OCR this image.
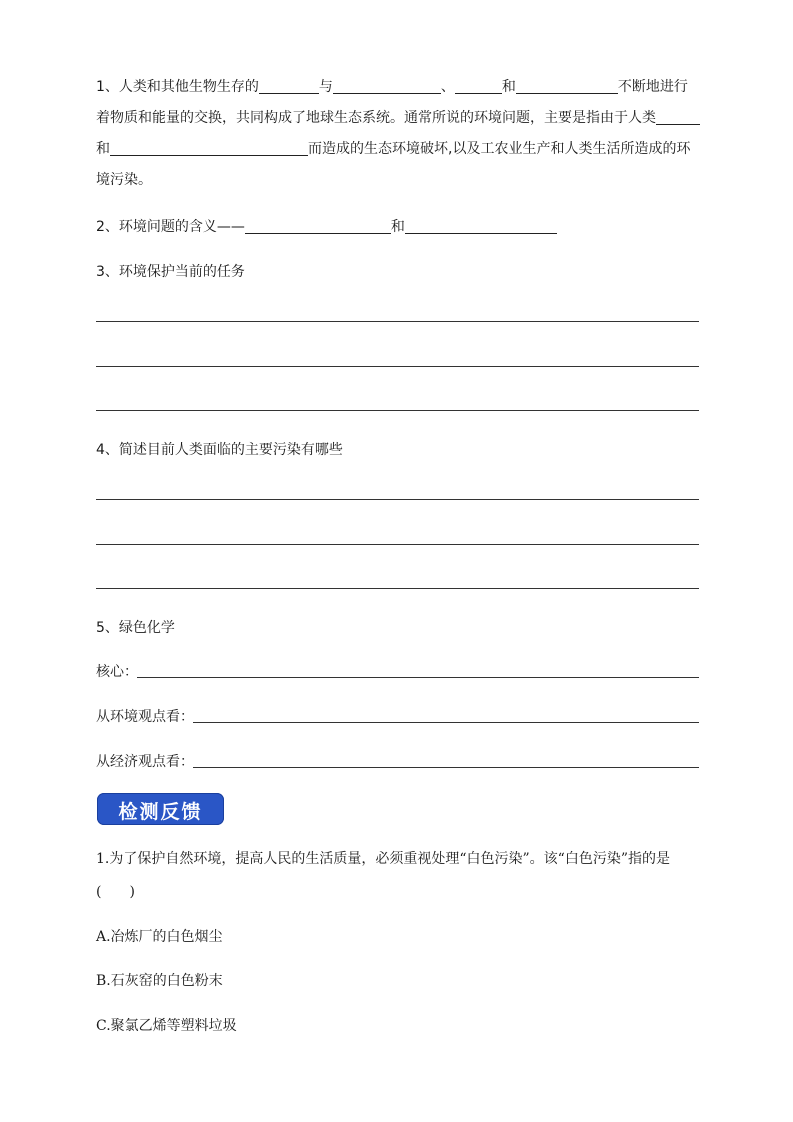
1、人类和其他生物生存的	与	、	和	不断地进行
着物质和能量的交换，共同构成了地球生态系统。通常所说的环境问题，主要是指由于人类
和	而造成的生态环境破坏,以及工农业生产和人类生活所造成的环
境污染。
2、环境问题的含义——	和
3、环境保护当前的任务
4、简述目前人类面临的主要污染有哪些
5、绿色化学
核心：
从环境观点看：
从经济观点看：
检测反馈
1.为了保护自然环境，提高人民的生活质量，必须重视处理“白色污染”。该“白色污染”指的是
(　　)
A.冶炼厂的白色烟尘
B.石灰窑的白色粉末
C.聚氯乙烯等塑料垃圾
